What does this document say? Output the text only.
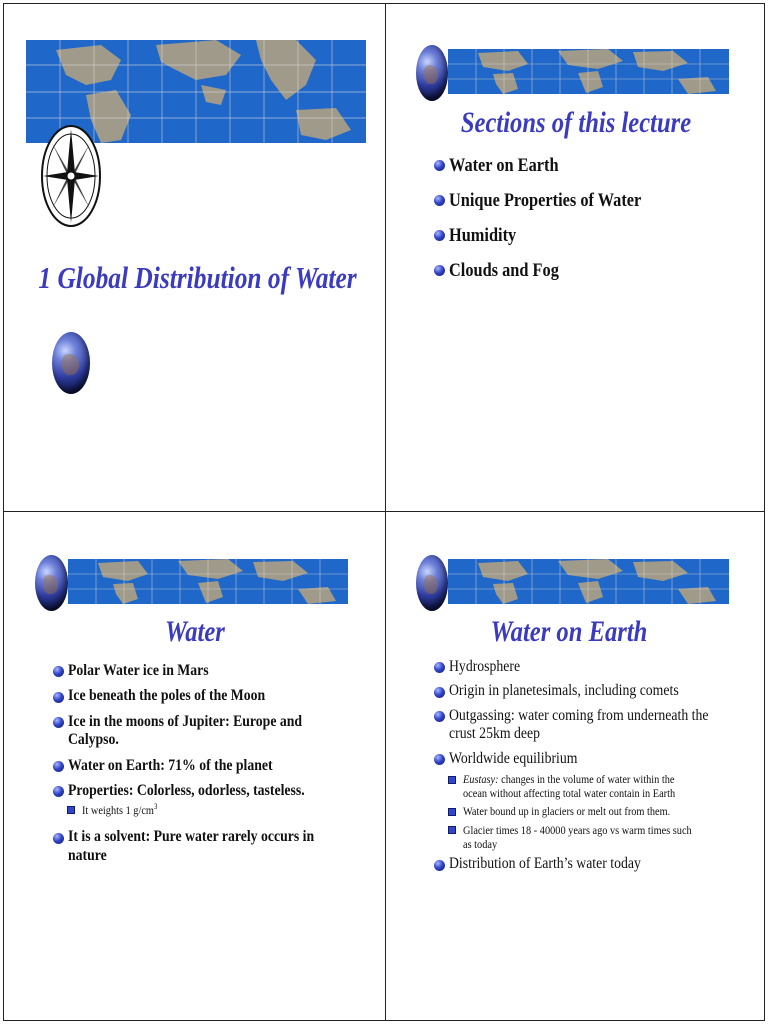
1 Global Distribution of Water
Sections of this lecture
Water on Earth
Unique Properties of Water
Humidity
Clouds and Fog
Water
Polar Water ice in Mars
Ice beneath the poles of the Moon
Ice in the moons of Jupiter: Europe and
Calypso.
Water on Earth: 71% of the planet
Properties: Colorless, odorless, tasteless.
It weights 1 $g/cm^3$
It is a solvent: Pure water rarely occurs in
nature
Water on Earth
Hydrosphere
Origin in planetesimals, including comets
Outgassing: water coming from underneath the
crust 25km deep
Worldwide equilibrium
Eustasy: changes in the volume of water within the
ocean without affecting total water contain in Earth
Water bound up in glaciers or melt out from them.
Glacier times 18 - 40000 years ago vs warm times such
as today
Distribution of Earth’s water today
